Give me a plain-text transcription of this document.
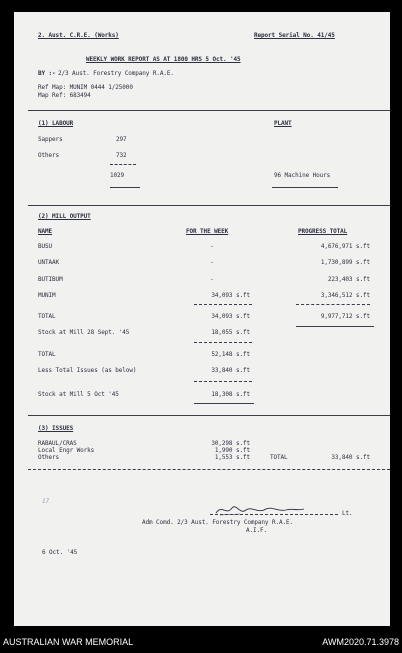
2. Aust. C.R.E. (Works)	Report Serial No. 41/45
WEEKLY WORK REPORT AS AT 1800 HRS 5 Oct. '45
BY :- 2/3 Aust. Forestry Company R.A.E.
Ref Map: MUNIM 0444 1/25000
Map Ref: 683494
(1) LABOUR	PLANT
Sappers	297
Others	732
1029	96 Machine Hours
(2) MILL OUTPUT
NAME	FOR THE WEEK	PROGRESS TOTAL
BUSU	-	4,676,971 s.ft
UNTAAK	-	1,730,899 s.ft
BUTIBUM	-	223,403 s.ft
MUNIM	34,093 s.ft	3,346,512 s.ft
TOTAL	34,093 s.ft	9,977,712 s.ft
Stock at Mill 28 Sept. '45	18,055 s.ft
TOTAL	52,148 s.ft
Less Total Issues (as below)	33,840 s.ft
Stock at Mill 5 Oct '45	18,308 s.ft
(3) ISSUES
RABAUL/CRAS	30,298 s.ft
Local Engr Works	1,990 s.ft
Others	1,553 s.ft	TOTAL	33,840 s.ft
17
Lt.
Adm Comd. 2/3 Aust. Forestry Company R.A.E.
A.I.F.
6 Oct. '45
AUSTRALIAN WAR MEMORIAL	AWM2020.71.3978
